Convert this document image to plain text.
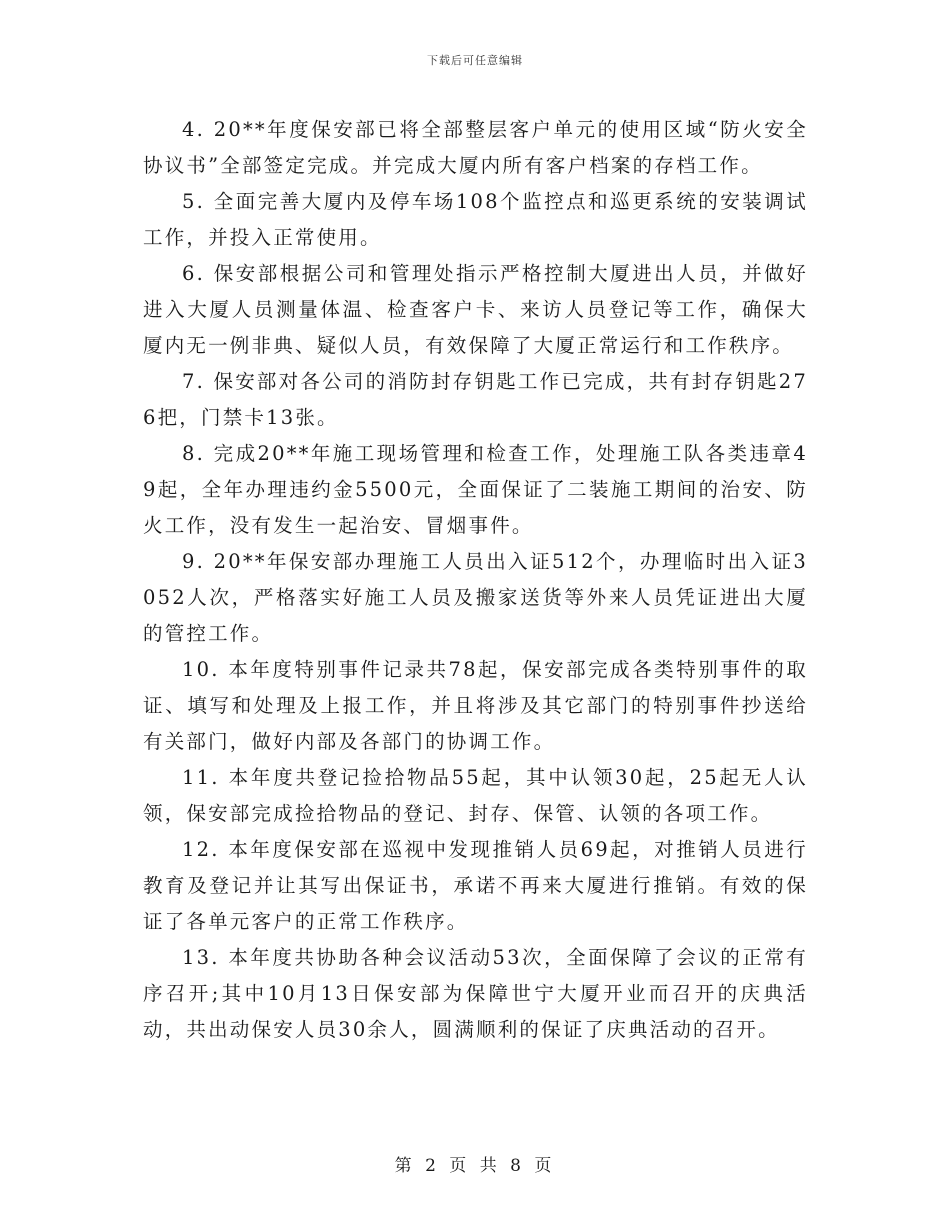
下载后可任意编辑

4. 20**年度保安部已将全部整层客户单元的使用区域“防火安全协议书”全部签定完成。并完成大厦内所有客户档案的存档工作。

5. 全面完善大厦内及停车场108个监控点和巡更系统的安装调试工作，并投入正常使用。

6. 保安部根据公司和管理处指示严格控制大厦进出人员，并做好进入大厦人员测量体温、检查客户卡、来访人员登记等工作，确保大厦内无一例非典、疑似人员，有效保障了大厦正常运行和工作秩序。

7. 保安部对各公司的消防封存钥匙工作已完成，共有封存钥匙276把，门禁卡13张。

8. 完成20**年施工现场管理和检查工作，处理施工队各类违章49起，全年办理违约金5500元，全面保证了二装施工期间的治安、防火工作，没有发生一起治安、冒烟事件。

9. 20**年保安部办理施工人员出入证512个，办理临时出入证3052人次，严格落实好施工人员及搬家送货等外来人员凭证进出大厦的管控工作。

10. 本年度特别事件记录共78起，保安部完成各类特别事件的取证、填写和处理及上报工作，并且将涉及其它部门的特别事件抄送给有关部门，做好内部及各部门的协调工作。

11. 本年度共登记捡拾物品55起，其中认领30起，25起无人认领，保安部完成捡拾物品的登记、封存、保管、认领的各项工作。

12. 本年度保安部在巡视中发现推销人员69起，对推销人员进行教育及登记并让其写出保证书，承诺不再来大厦进行推销。有效的保证了各单元客户的正常工作秩序。

13. 本年度共协助各种会议活动53次，全面保障了会议的正常有序召开;其中10月13日保安部为保障世宁大厦开业而召开的庆典活动，共出动保安人员30余人，圆满顺利的保证了庆典活动的召开。

第 2 页 共 8 页
